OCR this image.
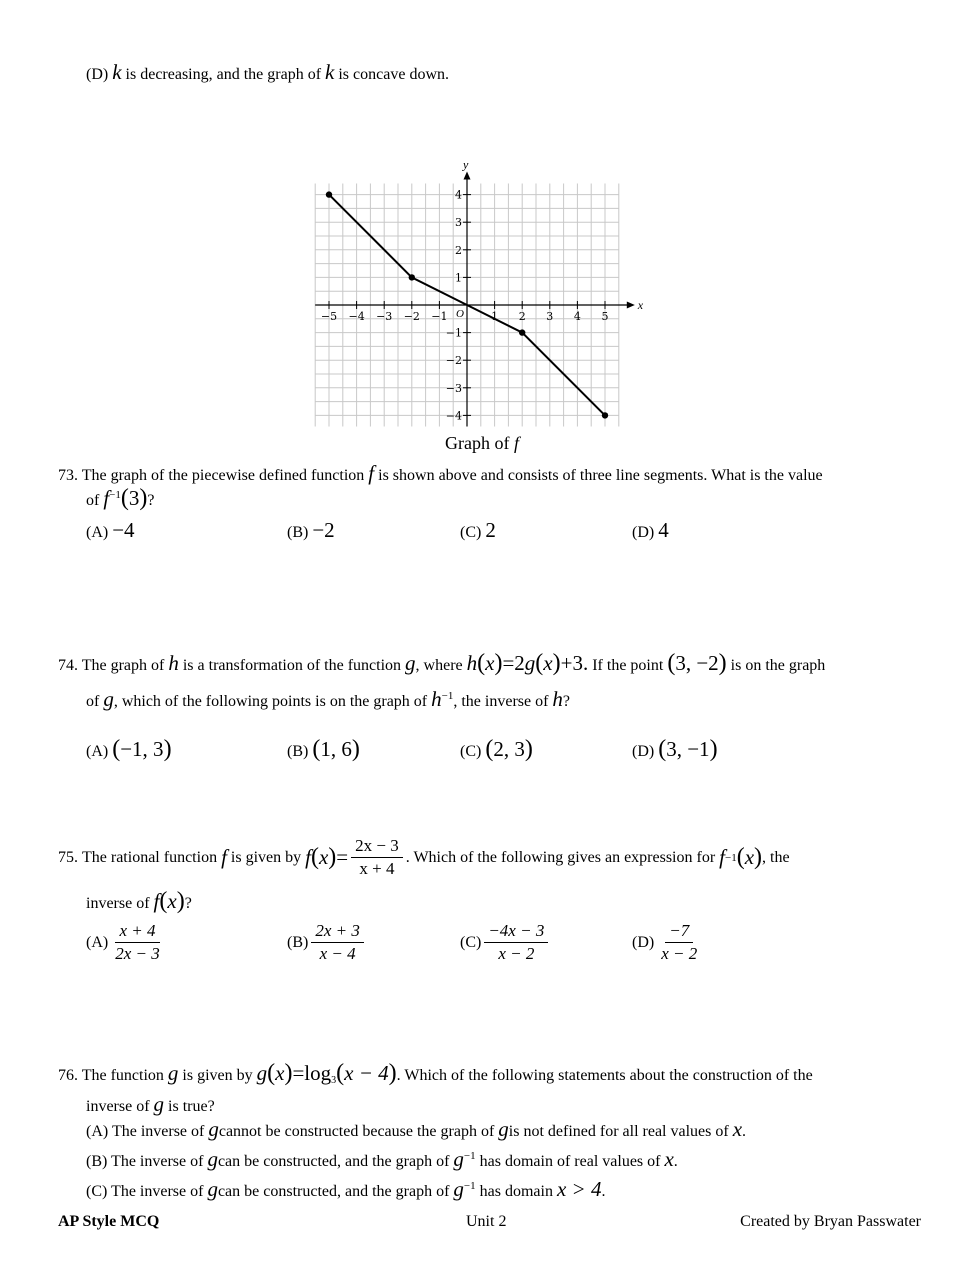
(D) k is decreasing, and the graph of k is concave down.
x
y
O
−5 −4 −3 −2 −1	1 2 3 4 5
4
3
2
1
−1
−2
−3
−4
Graph of f
73. The graph of the piecewise defined function f is shown above and consists of three line segments. What is the value
of $f^{-1}(3)$?
(A) −4	(B) −2	(C) 2	(D) 4
74. The graph of h is a transformation of the function g, where h(x)=2g(x)+3. If the point (3, −2) is on the graph
of g, which of the following points is on the graph of $h^{-1}$, the inverse of h?
(A) (−1, 3)	(B) (1, 6)	(C) (2, 3)	(D) (3, −1)
75.
The rational function
f
is given by
f ( x ) = $\frac{2x - 3}{x + 4}$ . Which of the following gives an expression for
f −1 ( x ) , the
inverse of f(x)?
$(A) \frac{x + 4}{2x - 3}$	$(B) \frac{2x + 3}{x - 4}$	$(C) \frac{-4x - 3}{x - 2}$	$(D) \frac{-7}{x - 2}$
76. The function g is given by $g(x)=\log_3(x - 4)$. Which of the following statements about the construction of the
inverse of g is true?
(A) The inverse of gcannot be constructed because the graph of gis not defined for all real values of x.
(B) The inverse of gcan be constructed, and the graph of $g^{-1}$ has domain of real values of x.
(C) The inverse of gcan be constructed, and the graph of $g^{-1}$ has domain x > 4.
AP Style MCQ	Unit 2	Created by Bryan Passwater
